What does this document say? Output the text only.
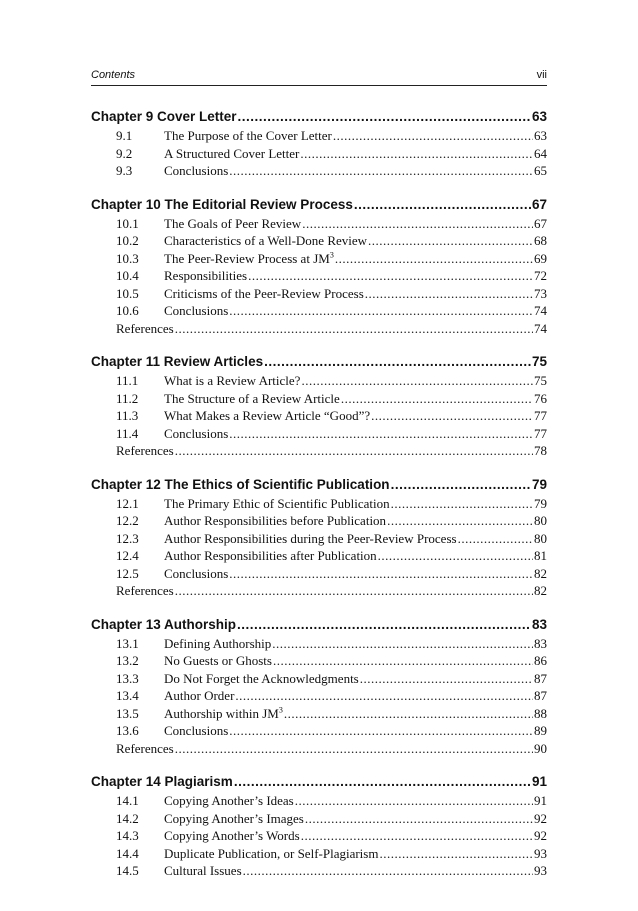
Contents	vii
Chapter 9 Cover Letter .....	63
9.1	The Purpose of the Cover Letter .....	63
9.2	A Structured Cover Letter .....	64
9.3	Conclusions .....	65
Chapter 10 The Editorial Review Process .....	67
10.1	The Goals of Peer Review .....	67
10.2	Characteristics of a Well-Done Review .....	68
10.3	The Peer-Review Process at $JM^3$ .....	69
10.4	Responsibilities .....	72
10.5	Criticisms of the Peer-Review Process .....	73
10.6	Conclusions .....	74
References .....	74
Chapter 11 Review Articles .....	75
11.1	What is a Review Article? .....	75
11.2	The Structure of a Review Article .....	76
11.3	What Makes a Review Article “Good”? .....	77
11.4	Conclusions .....	77
References .....	78
Chapter 12 The Ethics of Scientific Publication .....	79
12.1	The Primary Ethic of Scientific Publication .....	79
12.2	Author Responsibilities before Publication .....	80
12.3	Author Responsibilities during the Peer-Review Process .....	80
12.4	Author Responsibilities after Publication .....	81
12.5	Conclusions .....	82
References .....	82
Chapter 13 Authorship .....	83
13.1	Defining Authorship .....	83
13.2	No Guests or Ghosts .....	86
13.3	Do Not Forget the Acknowledgments .....	87
13.4	Author Order .....	87
13.5	Authorship within $JM^3$ .....	88
13.6	Conclusions .....	89
References .....	90
Chapter 14 Plagiarism .....	91
14.1	Copying Another’s Ideas .....	91
14.2	Copying Another’s Images .....	92
14.3	Copying Another’s Words .....	92
14.4	Duplicate Publication, or Self-Plagiarism .....	93
14.5	Cultural Issues .....	93
